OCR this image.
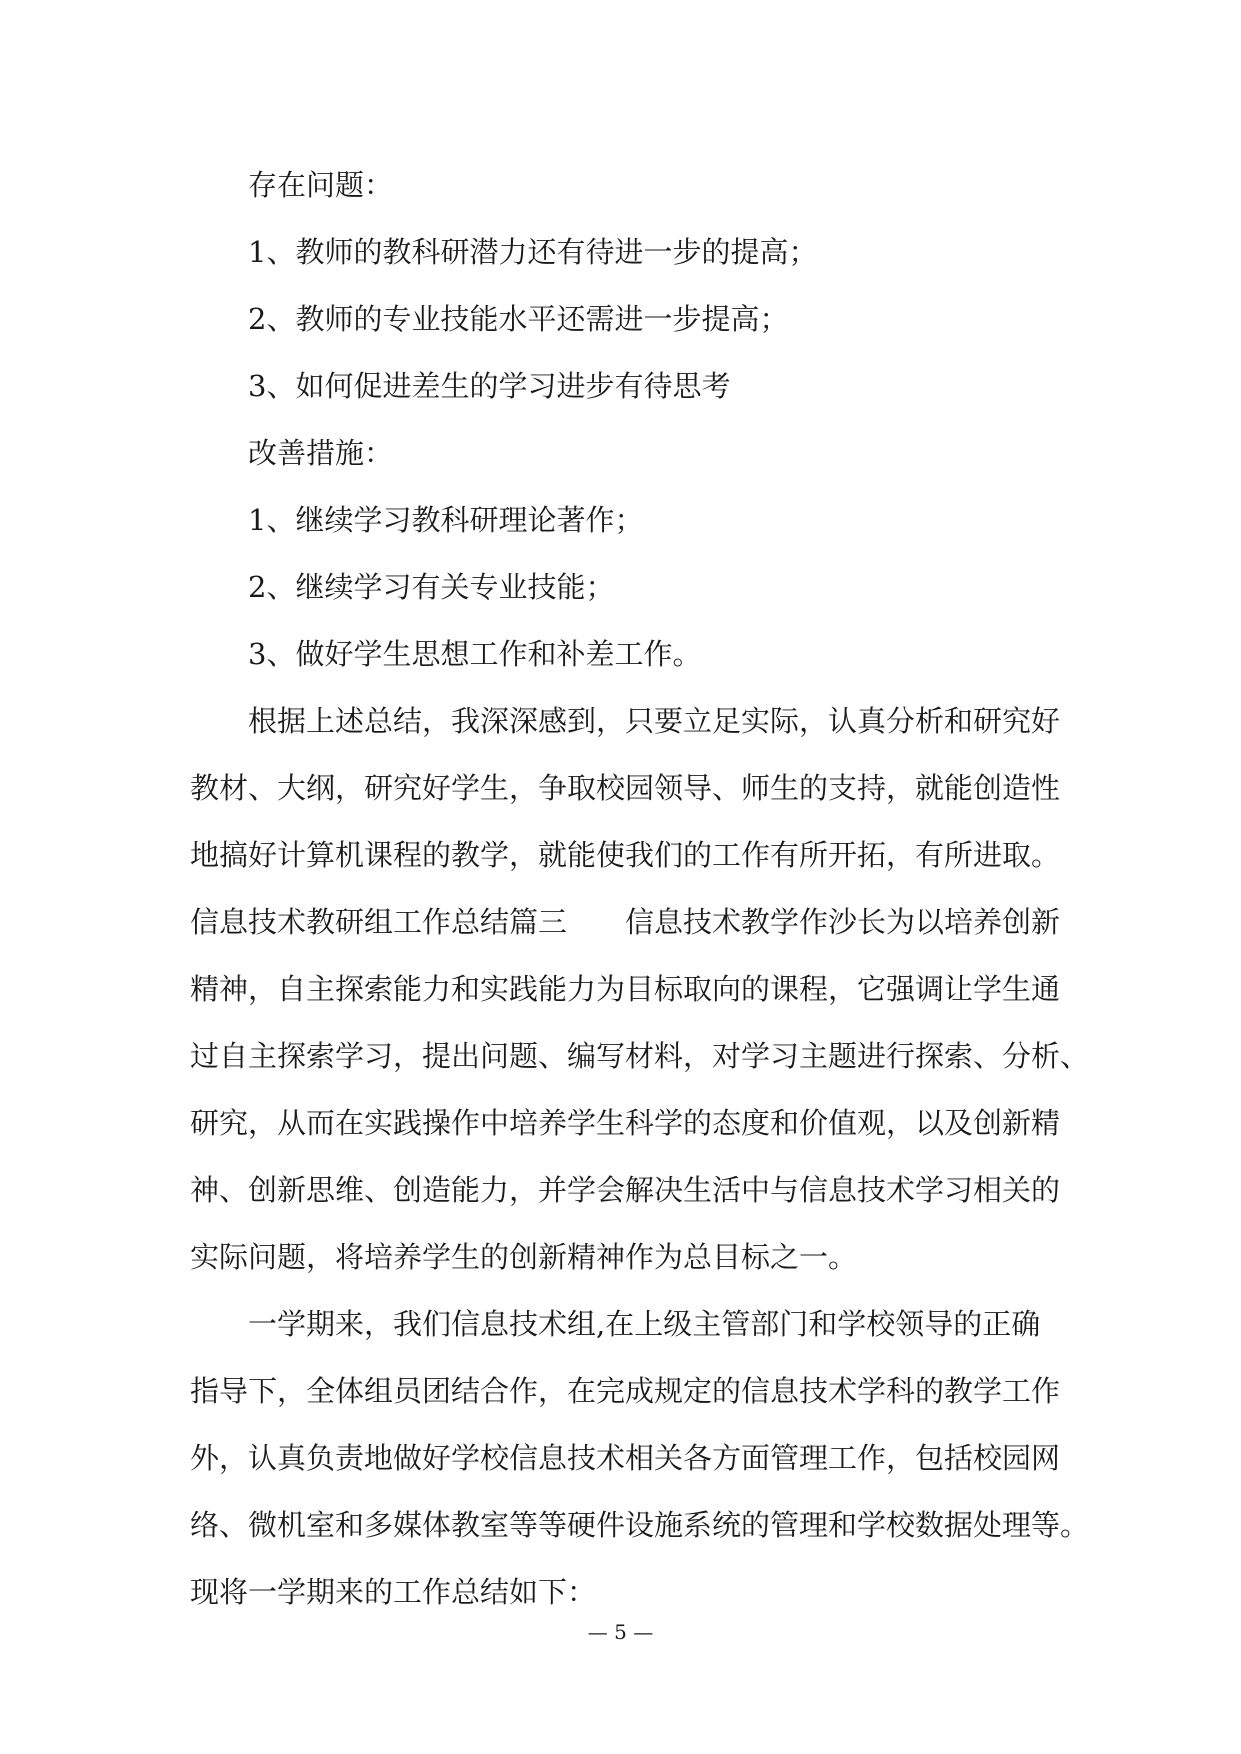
存在问题：
1、教师的教科研潜力还有待进一步的提高；
2、教师的专业技能水平还需进一步提高；
3、如何促进差生的学习进步有待思考
改善措施：
1、继续学习教科研理论著作；
2、继续学习有关专业技能；
3、做好学生思想工作和补差工作。
根据上述总结，我深深感到，只要立足实际，认真分析和研究好
教材、大纲，研究好学生，争取校园领导、师生的支持，就能创造性
地搞好计算机课程的教学，就能使我们的工作有所开拓，有所进取。
信息技术教研组工作总结篇三 信息技术教学作沙长为以培养创新
精神，自主探索能力和实践能力为目标取向的课程，它强调让学生通
过自主探索学习，提出问题、编写材料，对学习主题进行探索、分析、
研究，从而在实践操作中培养学生科学的态度和价值观，以及创新精
神、创新思维、创造能力，并学会解决生活中与信息技术学习相关的
实际问题，将培养学生的创新精神作为总目标之一。
一学期来，我们信息技术组,在上级主管部门和学校领导的正确
指导下，全体组员团结合作，在完成规定的信息技术学科的教学工作
外，认真负责地做好学校信息技术相关各方面管理工作，包括校园网
络、微机室和多媒体教室等等硬件设施系统的管理和学校数据处理等。
现将一学期来的工作总结如下：
— 5 —
